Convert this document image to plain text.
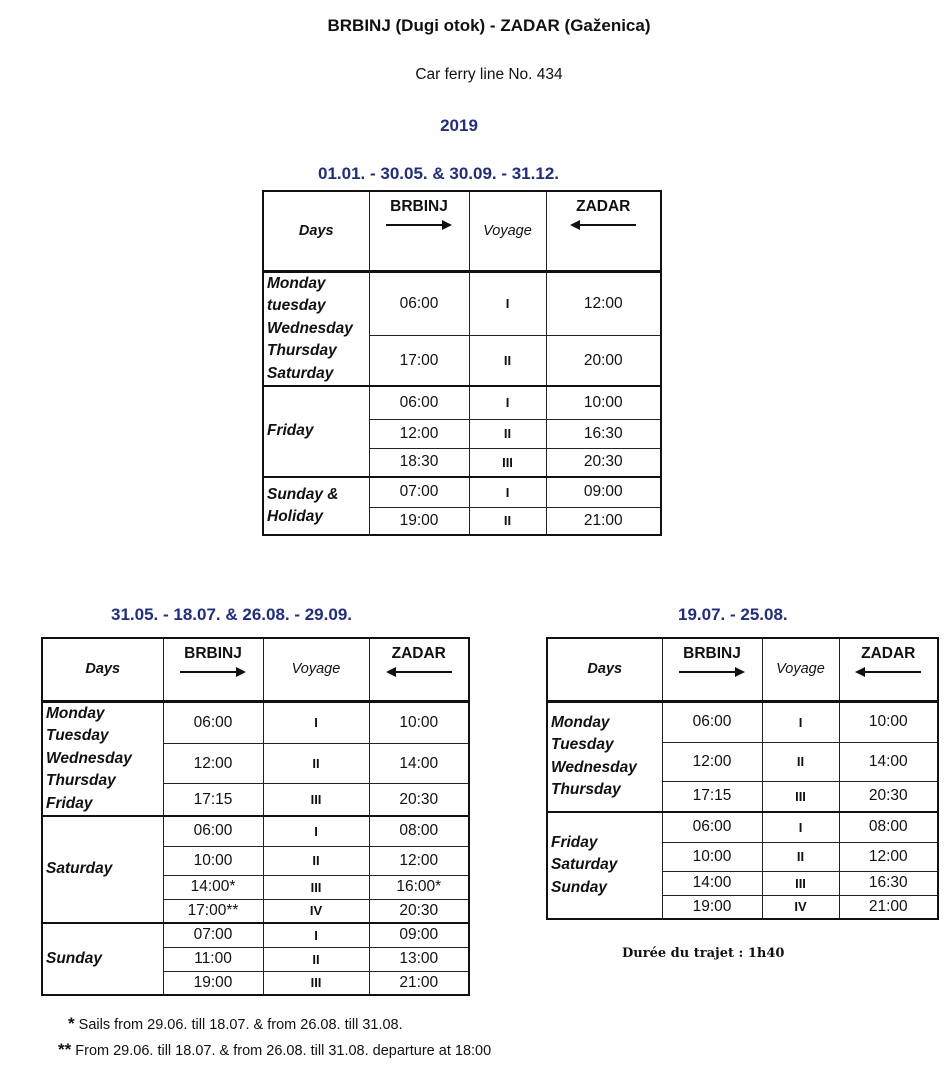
BRBINJ (Dugi otok) - ZADAR (Gaženica)
Car ferry line No. 434
2019
01.01. - 30.05. & 30.09. - 31.12.
Days	BRBINJ	Voyage	ZADAR

Monday
tuesday
Wednesday
Thursday
Saturday	06:00	I	12:00
	17:00	II	20:00

Friday	06:00	I	10:00
	12:00	II	16:30
	18:30	III	20:30

Sunday &
Holiday	07:00	I	09:00
	19:00	II	21:00
31.05. - 18.07. & 26.08. - 29.09.
Days	BRBINJ	Voyage	ZADAR

Monday
Tuesday
Wednesday
Thursday
Friday	06:00	I	10:00
	12:00	II	14:00
	17:15	III	20:30

Saturday	06:00	I	08:00
	10:00	II	12:00
	14:00*	III	16:00*
	17:00**	IV	20:30

Sunday	07:00	I	09:00
	11:00	II	13:00
	19:00	III	21:00
19.07. - 25.08.
Days	BRBINJ	Voyage	ZADAR

Monday
Tuesday
Wednesday
Thursday	06:00	I	10:00
	12:00	II	14:00
	17:15	III	20:30

Friday
Saturday
Sunday	06:00	I	08:00
	10:00	II	12:00
	14:00	III	16:30
	19:00	IV	21:00
Durée du trajet : 1h40
* Sails from 29.06. till 18.07. & from 26.08. till 31.08.
** From 29.06. till 18.07. & from 26.08. till 31.08. departure at 18:00
